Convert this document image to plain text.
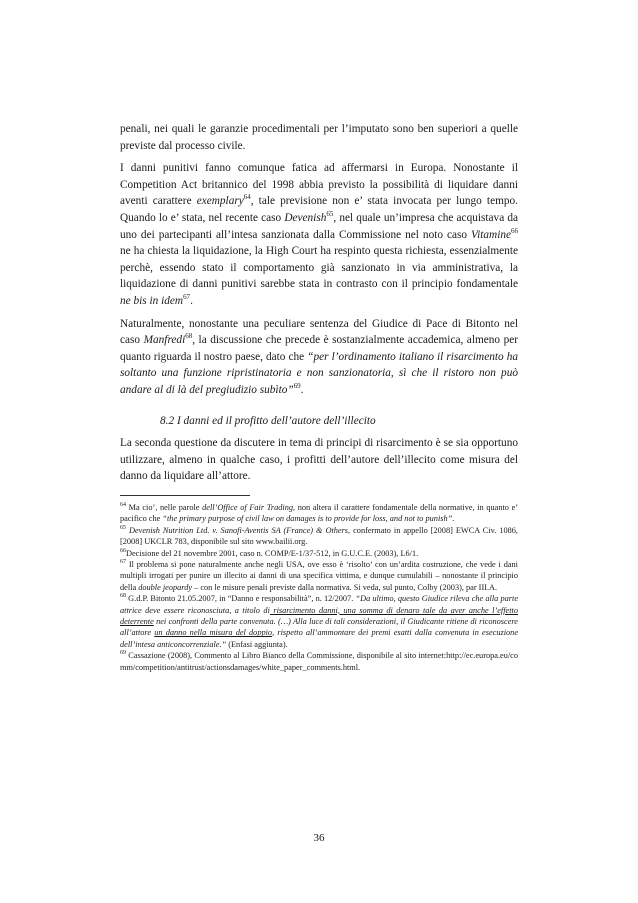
penali, nei quali le garanzie procedimentali per l’imputato sono ben superiori a quelle previste dal processo civile.

I danni punitivi fanno comunque fatica ad affermarsi in Europa. Nonostante il Competition Act britannico del 1998 abbia previsto la possibilità di liquidare danni aventi carattere exemplary$^{64}$, tale previsione non e’ stata invocata per lungo tempo. Quando lo e’ stata, nel recente caso Devenish$^{65}$, nel quale un’impresa che acquistava da uno dei partecipanti all’intesa sanzionata dalla Commissione nel noto caso Vitamine$^{66}$ ne ha chiesta la liquidazione, la High Court ha respinto questa richiesta, essenzialmente perchè, essendo stato il comportamento già sanzionato in via amministrativa, la liquidazione di danni punitivi sarebbe stata in contrasto con il principio fondamentale ne bis in idem$^{67}$.

Naturalmente, nonostante una peculiare sentenza del Giudice di Pace di Bitonto nel caso Manfredi$^{68}$, la discussione che precede è sostanzialmente accademica, almeno per quanto riguarda il nostro paese, dato che “per l’ordinamento italiano il risarcimento ha soltanto una funzione ripristinatoria e non sanzionatoria, sì che il ristoro non può andare al di là del pregiudizio subìto”$^{69}$.

8.2 I danni ed il profitto dell’autore dell’illecito

La seconda questione da discutere in tema di principi di risarcimento è se sia opportuno utilizzare, almeno in qualche caso, i profitti dell’autore dell’illecito come misura del danno da liquidare all’attore.

$^{64}$ Ma cio’, nelle parole dell’Office of Fair Trading, non altera il carattere fondamentale della normative, in quanto e’ pacifico che “the primary purpose of civil law on damages is to provide for loss, and not to punish”.

$^{65}$ Devenish Nutrition Ltd. v. Sanofi-Aventis SA (France) & Others, confermato in appello [2008] EWCA Civ. 1086, [2008] UKCLR 783, disponibile sul sito www.bailii.org.

$^{66}$Decisione del 21 novembre 2001, caso n. COMP/E-1/37-512, in G.U.C.E. (2003), L6/1.

$^{67}$ Il problema si pone naturalmente anche negli USA, ove esso è ‘risolto’ con un’ardita costruzione, che vede i dani multipli irrogati per punire un illecito ai danni di una specifica vittima, e dunque cumulabili – nonostante il principio della double jeopardy – con le misure penali previste dalla normativa. Si veda, sul punto, Colby (2003), par III.A.

$^{68}$ G.d.P. Bitonto 21.05.2007, in “Danno e responsabilità”, n. 12/2007. “Da ultimo, questo Giudice rileva che alla parte attrice deve essere riconosciuta, a titolo di risarcimento danni, una somma di denaro tale da aver anche l’effetto deterrente nei confronti della parte convenuta. (…) Alla luce di tali considerazioni, il Giudicante ritiene di riconoscere all’attore un danno nella misura del doppio, rispetto all’ammontare dei premi esatti dalla convenuta in esecuzione dell’intesa anticoncorrenziale.” (Enfasi aggiunta).

$^{69}$ Cassazione (2008), Commento al Libro Bianco della Commissione, disponibile al sito internet:http://ec.europa.eu/comm/competition/antitrust/actionsdamages/white_paper_comments.html.

36
